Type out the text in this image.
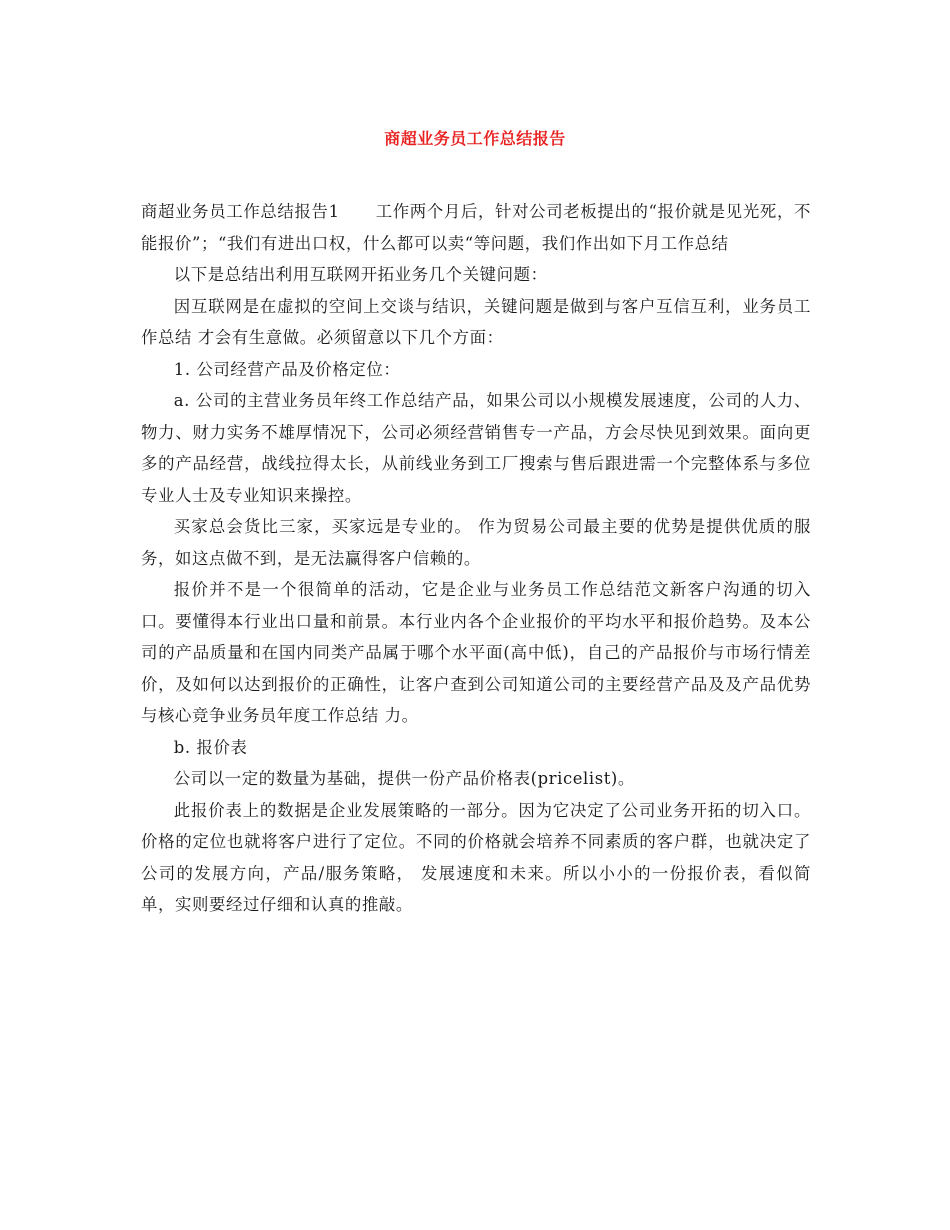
商超业务员工作总结报告

商超业务员工作总结报告1 工作两个月后，针对公司老板提出的“报价就是见光死，不能报价”；“我们有进出口权，什么都可以卖“等问题，我们作出如下月工作总结

以下是总结出利用互联网开拓业务几个关键问题：

因互联网是在虚拟的空间上交谈与结识，关键问题是做到与客户互信互利，业务员工作总结 才会有生意做。必须留意以下几个方面：

1. 公司经营产品及价格定位：

a. 公司的主营业务员年终工作总结产品，如果公司以小规模发展速度，公司的人力、物力、财力实务不雄厚情况下，公司必须经营销售专一产品，方会尽快见到效果。面向更多的产品经营，战线拉得太长，从前线业务到工厂搜索与售后跟进需一个完整体系与多位专业人士及专业知识来操控。

买家总会货比三家，买家远是专业的。 作为贸易公司最主要的优势是提供优质的服务，如这点做不到，是无法赢得客户信赖的。

报价并不是一个很简单的活动，它是企业与业务员工作总结范文新客户沟通的切入口。要懂得本行业出口量和前景。本行业内各个企业报价的平均水平和报价趋势。及本公司的产品质量和在国内同类产品属于哪个水平面(高中低)，自己的产品报价与市场行情差价，及如何以达到报价的正确性，让客户查到公司知道公司的主要经营产品及及产品优势与核心竞争业务员年度工作总结 力。

b. 报价表

公司以一定的数量为基础，提供一份产品价格表(pricelist)。

此报价表上的数据是企业发展策略的一部分。因为它决定了公司业务开拓的切入口。 价格的定位也就将客户进行了定位。不同的价格就会培养不同素质的客户群，也就决定了公司的发展方向，产品/服务策略， 发展速度和未来。所以小小的一份报价表，看似简单，实则要经过仔细和认真的推敲。
